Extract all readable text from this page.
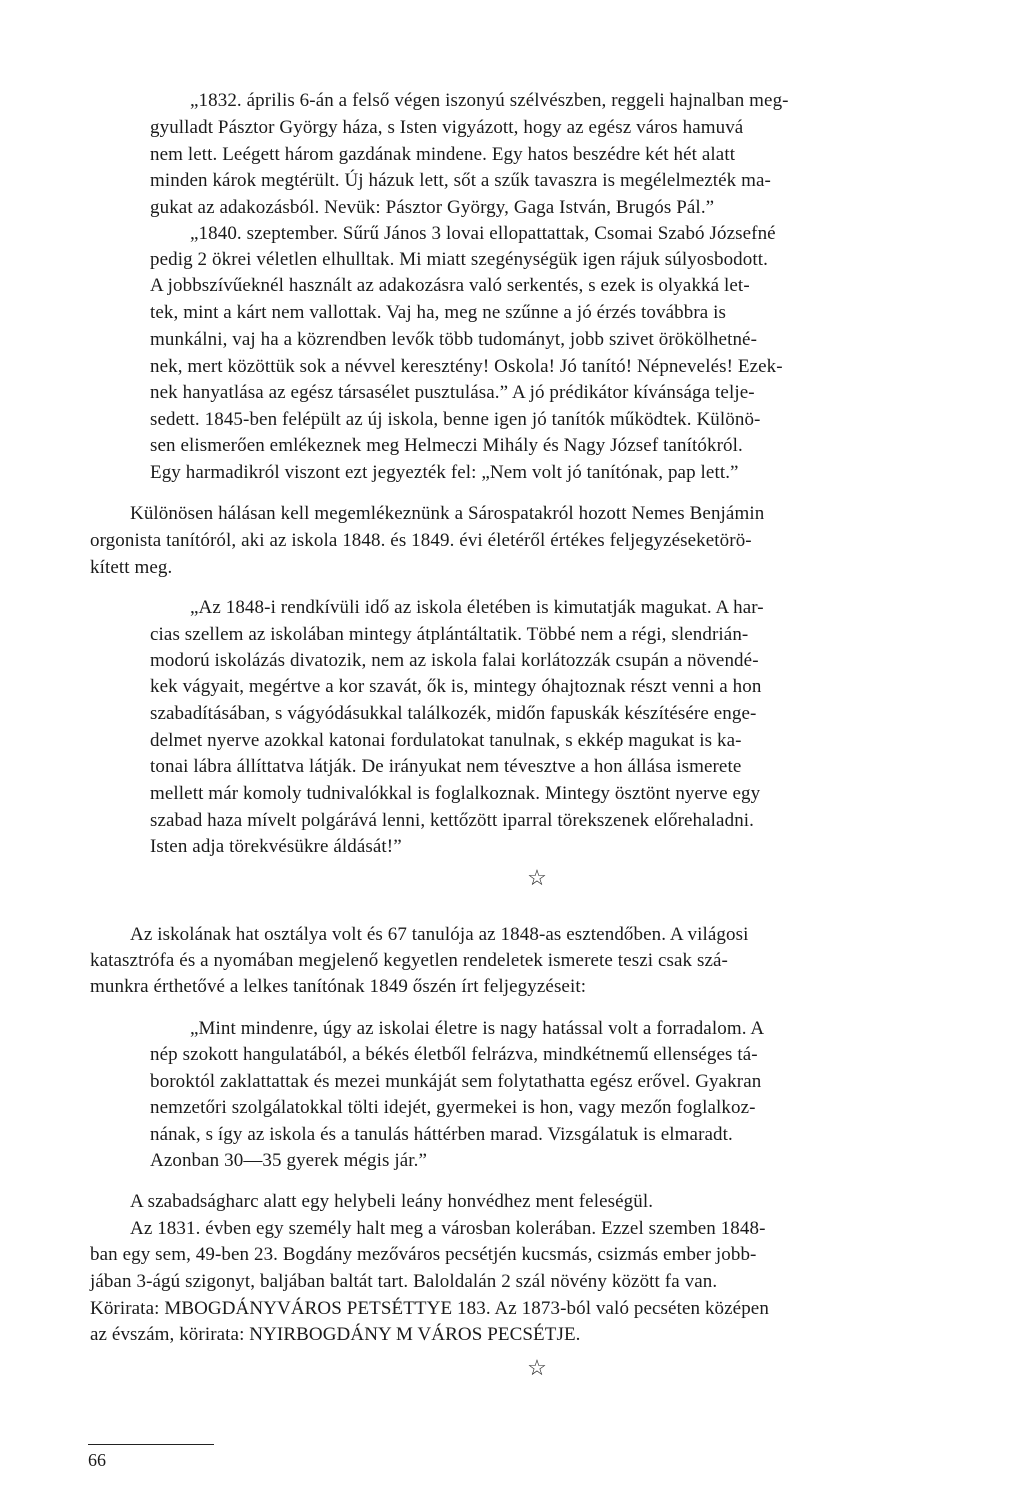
„1832. április 6-án a felső végen iszonyú szélvészben, reggeli hajnalban meg-
gyulladt Pásztor György háza, s Isten vigyázott, hogy az egész város hamuvá
nem lett. Leégett három gazdának mindene. Egy hatos beszédre két hét alatt
minden károk megtérült. Új házuk lett, sőt a szűk tavaszra is megélelmezték ma-
gukat az adakozásból. Nevük: Pásztor György, Gaga István, Brugós Pál.”
„1840. szeptember. Sűrű János 3 lovai ellopattattak, Csomai Szabó Józsefné
pedig 2 ökrei véletlen elhulltak. Mi miatt szegénységük igen rájuk súlyosbodott.
A jobbszívűeknél használt az adakozásra való serkentés, s ezek is olyakká let-
tek, mint a kárt nem vallottak. Vaj ha, meg ne szűnne a jó érzés továbbra is
munkálni, vaj ha a közrendben levők több tudományt, jobb szivet örökölhetné-
nek, mert közöttük sok a névvel keresztény! Oskola! Jó tanító! Népnevelés! Ezek-
nek hanyatlása az egész társasélet pusztulása.” A jó prédikátor kívánsága telje-
sedett. 1845-ben felépült az új iskola, benne igen jó tanítók működtek. Különö-
sen elismerően emlékeznek meg Helmeczi Mihály és Nagy József tanítókról.
Egy harmadikról viszont ezt jegyezték fel: „Nem volt jó tanítónak, pap lett.”
Különösen hálásan kell megemlékeznünk a Sárospatakról hozott Nemes Benjámin
orgonista tanítóról, aki az iskola 1848. és 1849. évi életéről értékes feljegyzéseketörö-
kített meg.
„Az 1848-i rendkívüli idő az iskola életében is kimutatják magukat. A har-
cias szellem az iskolában mintegy átplántáltatik. Többé nem a régi, slendrián-
modorú iskolázás divatozik, nem az iskola falai korlátozzák csupán a növendé-
kek vágyait, megértve a kor szavát, ők is, mintegy óhajtoznak részt venni a hon
szabadításában, s vágyódásukkal találkozék, midőn fapuskák készítésére enge-
delmet nyerve azokkal katonai fordulatokat tanulnak, s ekkép magukat is ka-
tonai lábra állíttatva látják. De irányukat nem tévesztve a hon állása ismerete
mellett már komoly tudnivalókkal is foglalkoznak. Mintegy ösztönt nyerve egy
szabad haza mívelt polgárává lenni, kettőzött iparral törekszenek előrehaladni.
Isten adja törekvésükre áldását!”
☆
Az iskolának hat osztálya volt és 67 tanulója az 1848-as esztendőben. A világosi
katasztrófa és a nyomában megjelenő kegyetlen rendeletek ismerete teszi csak szá-
munkra érthetővé a lelkes tanítónak 1849 őszén írt feljegyzéseit:
„Mint mindenre, úgy az iskolai életre is nagy hatással volt a forradalom. A
nép szokott hangulatából, a békés életből felrázva, mindkétnemű ellenséges tá-
boroktól zaklattattak és mezei munkáját sem folytathatta egész erővel. Gyakran
nemzetőri szolgálatokkal tölti idejét, gyermekei is hon, vagy mezőn foglalkoz-
nának, s így az iskola és a tanulás háttérben marad. Vizsgálatuk is elmaradt.
Azonban 30—35 gyerek mégis jár.”
A szabadságharc alatt egy helybeli leány honvédhez ment feleségül.
Az 1831. évben egy személy halt meg a városban kolerában. Ezzel szemben 1848-
ban egy sem, 49-ben 23. Bogdány mezőváros pecsétjén kucsmás, csizmás ember jobb-
jában 3-ágú szigonyt, baljában baltát tart. Baloldalán 2 szál növény között fa van.
Körirata: MBOGDÁNYVÁROS PETSÉTTYE 183. Az 1873-ból való pecséten középen
az évszám, körirata: NYIRBOGDÁNY M VÁROS PECSÉTJE.
☆
66
